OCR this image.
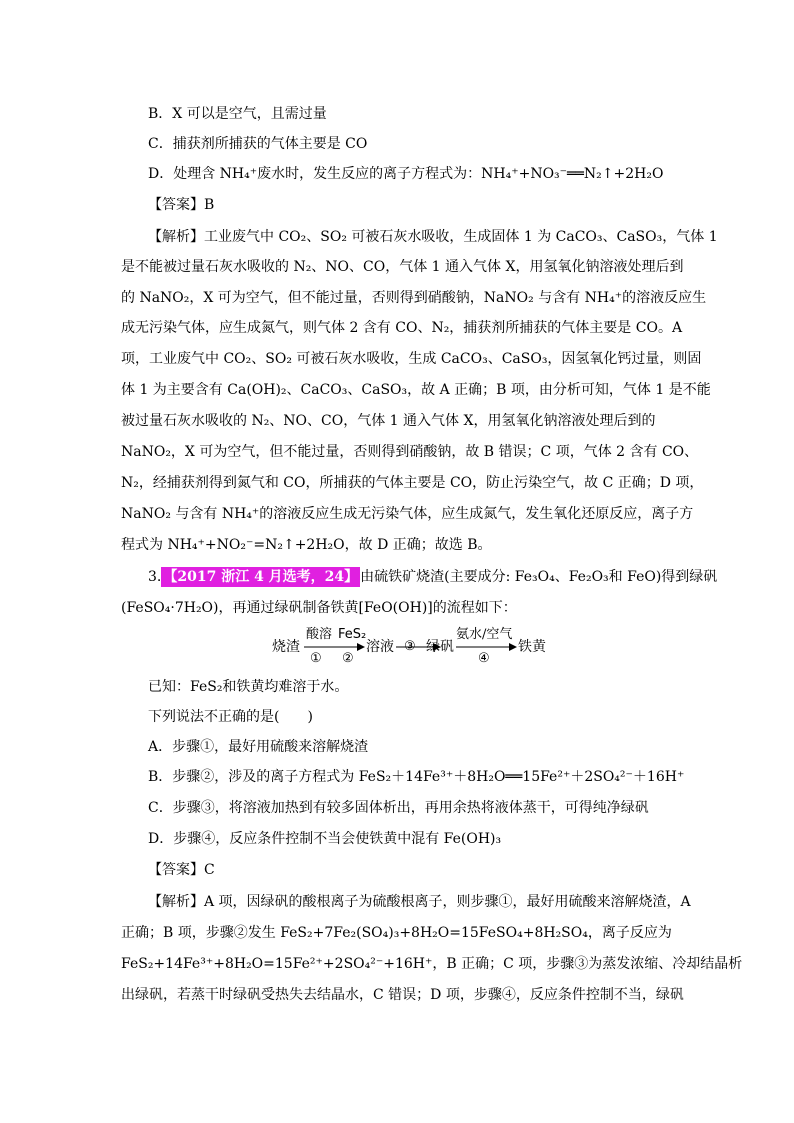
B．X 可以是空气，且需过量
C．捕获剂所捕获的气体主要是 CO
D．处理含 NH₄⁺废水时，发生反应的离子方程式为：NH₄⁺+NO₃⁻══N₂↑+2H₂O
【答案】B
【解析】工业废气中 CO₂、SO₂ 可被石灰水吸收，生成固体 1 为 CaCO₃、CaSO₃，气体 1
是不能被过量石灰水吸收的 N₂、NO、CO，气体 1 通入气体 X，用氢氧化钠溶液处理后到
的 NaNO₂，X 可为空气，但不能过量，否则得到硝酸钠，NaNO₂ 与含有 NH₄⁺的溶液反应生
成无污染气体，应生成氮气，则气体 2 含有 CO、N₂，捕获剂所捕获的气体主要是 CO。A
项，工业废气中 CO₂、SO₂ 可被石灰水吸收，生成 CaCO₃、CaSO₃，因氢氧化钙过量，则固
体 1 为主要含有 Ca(OH)₂、CaCO₃、CaSO₃，故 A 正确；B 项，由分析可知，气体 1 是不能
被过量石灰水吸收的 N₂、NO、CO，气体 1 通入气体 X，用氢氧化钠溶液处理后到的
NaNO₂，X 可为空气，但不能过量，否则得到硝酸钠，故 B 错误；C 项，气体 2 含有 CO、
N₂，经捕获剂得到氮气和 CO，所捕获的气体主要是 CO，防止污染空气，故 C 正确；D 项，
NaNO₂ 与含有 NH₄⁺的溶液反应生成无污染气体，应生成氮气，发生氧化还原反应，离子方
程式为 NH₄⁺+NO₂⁻=N₂↑+2H₂O，故 D 正确；故选 B。
3. 【2017 浙江 4 月选考，24】 由硫铁矿烧渣(主要成分: Fe₃O₄、Fe₂O₃和 FeO)得到绿矾
(FeSO₄·7H₂O)，再通过绿矾制备铁黄[FeO(OH)]的流程如下：
烧渣
酸溶
①
FeS₂
②
溶液 ③ 绿矾
氨水/空气
④
铁黄
已知：FeS₂和铁黄均难溶于水。
下列说法不正确的是(　　)
A．步骤①，最好用硫酸来溶解烧渣
B．步骤②，涉及的离子方程式为 FeS₂＋14Fe³⁺＋8H₂O══15Fe²⁺＋2SO₄²⁻＋16H⁺
C．步骤③，将溶液加热到有较多固体析出，再用余热将液体蒸干，可得纯净绿矾
D．步骤④，反应条件控制不当会使铁黄中混有 Fe(OH)₃
【答案】C
【解析】A 项，因绿矾的酸根离子为硫酸根离子，则步骤①，最好用硫酸来溶解烧渣，A
正确；B 项，步骤②发生 FeS₂+7Fe₂(SO₄)₃+8H₂O=15FeSO₄+8H₂SO₄，离子反应为
FeS₂+14Fe³⁺+8H₂O=15Fe²⁺+2SO₄²⁻+16H⁺，B 正确；C 项，步骤③为蒸发浓缩、冷却结晶析
出绿矾，若蒸干时绿矾受热失去结晶水，C 错误；D 项，步骤④，反应条件控制不当，绿矾
